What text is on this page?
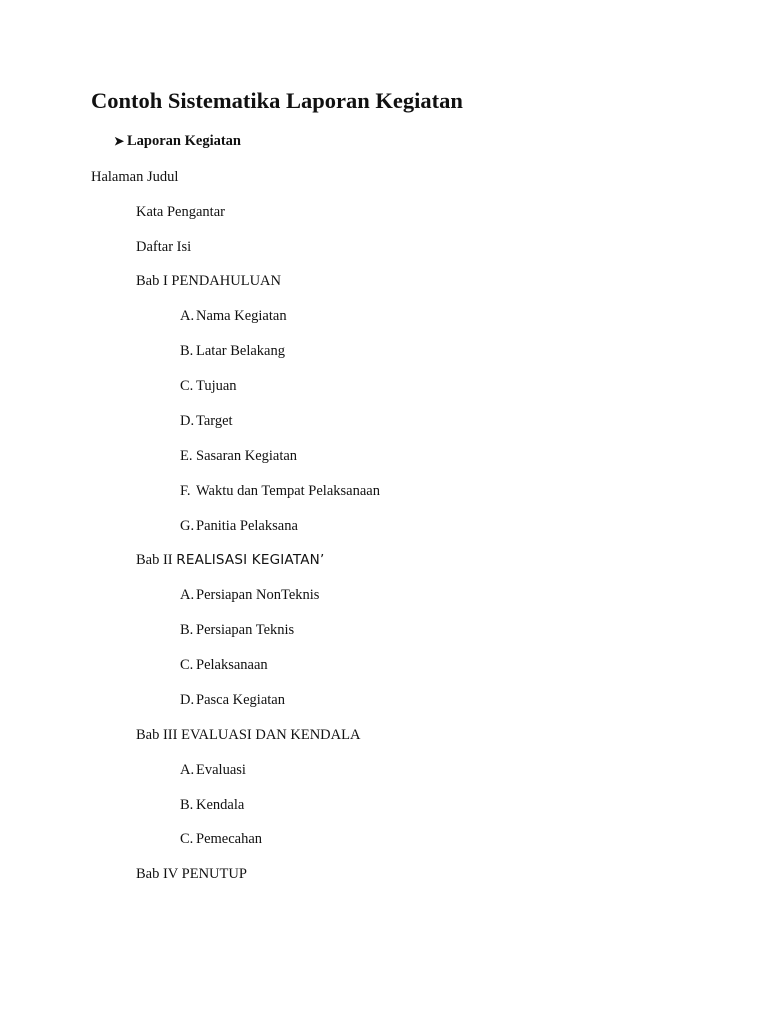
Contoh Sistematika Laporan Kegiatan
➤ Laporan Kegiatan
Halaman Judul
Kata Pengantar
Daftar Isi
Bab I PENDAHULUAN
A. Nama Kegiatan
B. Latar Belakang
C. Tujuan
D. Target
E. Sasaran Kegiatan
F. Waktu dan Tempat Pelaksanaan
G. Panitia Pelaksana
Bab II REALISASI KEGIATAN’
A. Persiapan NonTeknis
B. Persiapan Teknis
C. Pelaksanaan
D. Pasca Kegiatan
Bab III EVALUASI DAN KENDALA
A. Evaluasi
B. Kendala
C. Pemecahan
Bab IV PENUTUP
